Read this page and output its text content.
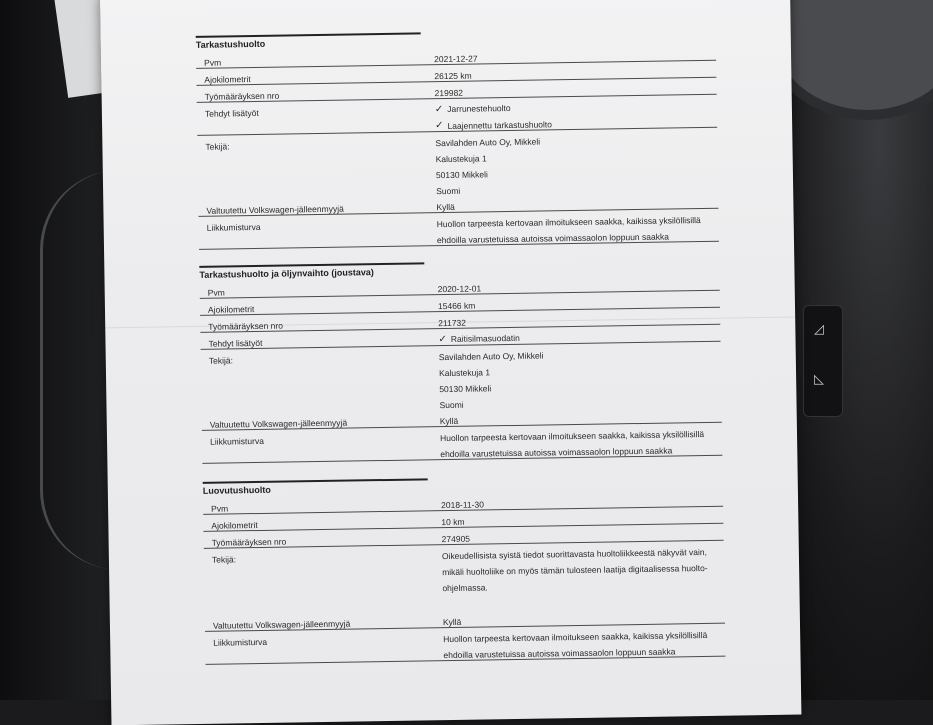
◿
◺
Tarkastushuolto
Pvm	2021-12-27
Ajokilometrit	26125 km
Työmääräyksen nro	219982
Tehdyt lisätyöt	✓ Jarrunestehuolto
✓ Laajennettu tarkastushuolto
Tekijä:	Savilahden Auto Oy, Mikkeli
Kalustekuja 1
50130 Mikkeli
Suomi
Valtuutettu Volkswagen-jälleenmyyjä	Kyllä
Liikkumisturva	Huollon tarpeesta kertovaan ilmoitukseen saakka, kaikissa yksilöllisillä
ehdoilla varustetuissa autoissa voimassaolon loppuun saakka
Tarkastushuolto ja öljynvaihto (joustava)
Pvm	2020-12-01
Ajokilometrit	15466 km
Työmääräyksen nro	211732
Tehdyt lisätyöt	✓ Raitisilmasuodatin
Tekijä:	Savilahden Auto Oy, Mikkeli
Kalustekuja 1
50130 Mikkeli
Suomi
Valtuutettu Volkswagen-jälleenmyyjä	Kyllä
Liikkumisturva	Huollon tarpeesta kertovaan ilmoitukseen saakka, kaikissa yksilöllisillä
ehdoilla varustetuissa autoissa voimassaolon loppuun saakka
Luovutushuolto
Pvm	2018-11-30
Ajokilometrit	10 km
Työmääräyksen nro	274905
Tekijä:	Oikeudellisista syistä tiedot suorittavasta huoltoliikkeestä näkyvät vain,
mikäli huoltoliike on myös tämän tulosteen laatija digitaalisessa huolto-
ohjelmassa.
Valtuutettu Volkswagen-jälleenmyyjä	Kyllä
Liikkumisturva	Huollon tarpeesta kertovaan ilmoitukseen saakka, kaikissa yksilöllisillä
ehdoilla varustetuissa autoissa voimassaolon loppuun saakka
